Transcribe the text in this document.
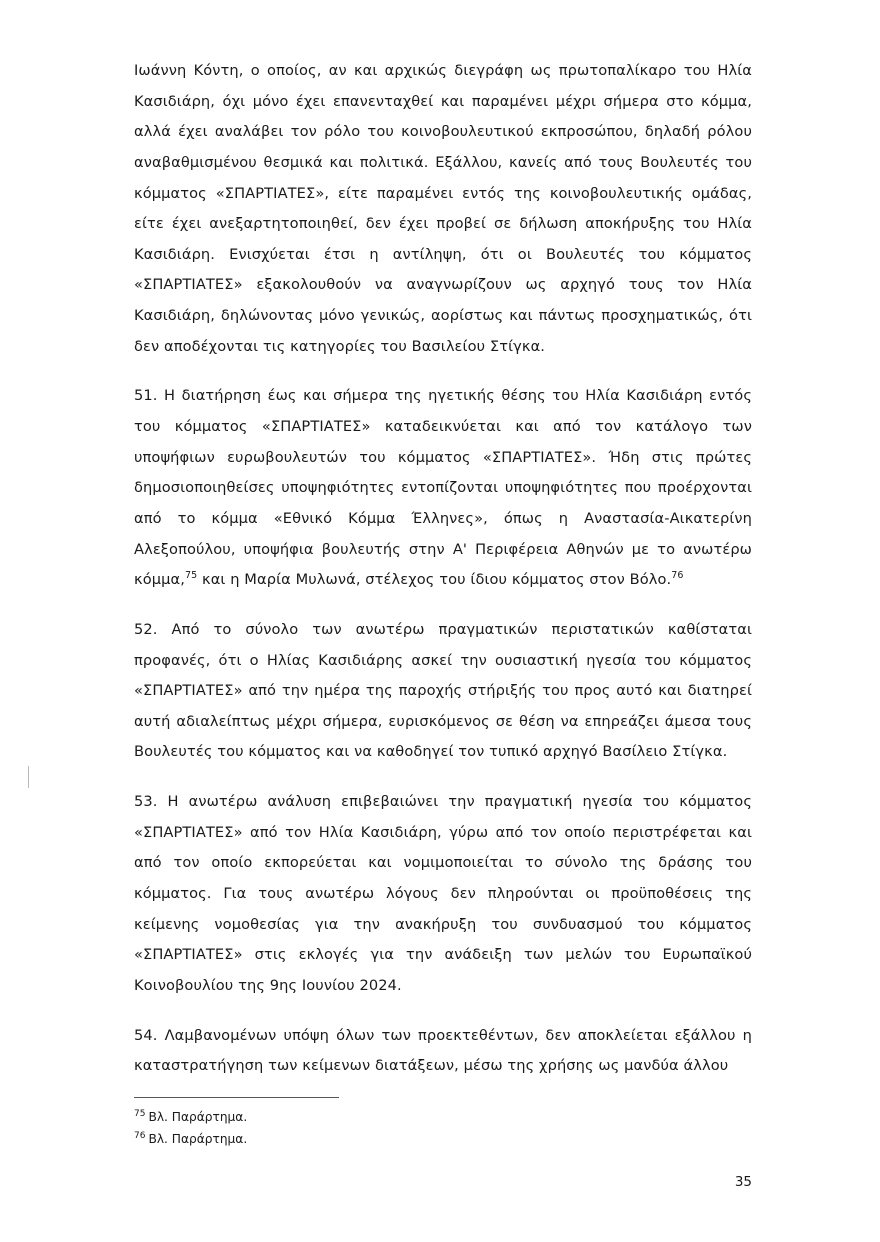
Ιωάννη Κόντη, ο οποίος, αν και αρχικώς διεγράφη ως πρωτοπαλίκαρο του Ηλία Κασιδιάρη, όχι μόνο έχει επανενταχθεί και παραμένει μέχρι σήμερα στο κόμμα, αλλά έχει αναλάβει τον ρόλο του κοινοβουλευτικού εκπροσώπου, δηλαδή ρόλου αναβαθμισμένου θεσμικά και πολιτικά. Εξάλλου, κανείς από τους Βουλευτές του κόμματος «ΣΠΑΡΤΙΑΤΕΣ», είτε παραμένει εντός της κοινοβουλευτικής ομάδας, είτε έχει ανεξαρτητοποιηθεί, δεν έχει προβεί σε δήλωση αποκήρυξης του Ηλία Κασιδιάρη. Ενισχύεται έτσι η αντίληψη, ότι οι Βουλευτές του κόμματος «ΣΠΑΡΤΙΑΤΕΣ» εξακολουθούν να αναγνωρίζουν ως αρχηγό τους τον Ηλία Κασιδιάρη, δηλώνοντας μόνο γενικώς, αορίστως και πάντως προσχηματικώς, ότι δεν αποδέχονται τις κατηγορίες του Βασιλείου Στίγκα.

51. Η διατήρηση έως και σήμερα της ηγετικής θέσης του Ηλία Κασιδιάρη εντός του κόμματος «ΣΠΑΡΤΙΑΤΕΣ» καταδεικνύεται και από τον κατάλογο των υποψήφιων ευρωβουλευτών του κόμματος «ΣΠΑΡΤΙΑΤΕΣ». Ήδη στις πρώτες δημοσιοποιηθείσες υποψηφιότητες εντοπίζονται υποψηφιότητες που προέρχονται από το κόμμα «Εθνικό Κόμμα Έλληνες», όπως η Αναστασία-Αικατερίνη Αλεξοπούλου, υποψήφια βουλευτής στην Α' Περιφέρεια Αθηνών με το ανωτέρω κόμμα,$^{75}$ και η Μαρία Μυλωνά, στέλεχος του ίδιου κόμματος στον Βόλο.$^{76}$

52. Από το σύνολο των ανωτέρω πραγματικών περιστατικών καθίσταται προφανές, ότι ο Ηλίας Κασιδιάρης ασκεί την ουσιαστική ηγεσία του κόμματος «ΣΠΑΡΤΙΑΤΕΣ» από την ημέρα της παροχής στήριξής του προς αυτό και διατηρεί αυτή αδιαλείπτως μέχρι σήμερα, ευρισκόμενος σε θέση να επηρεάζει άμεσα τους Βουλευτές του κόμματος και να καθοδηγεί τον τυπικό αρχηγό Βασίλειο Στίγκα.

53. Η ανωτέρω ανάλυση επιβεβαιώνει την πραγματική ηγεσία του κόμματος «ΣΠΑΡΤΙΑΤΕΣ» από τον Ηλία Κασιδιάρη, γύρω από τον οποίο περιστρέφεται και από τον οποίο εκπορεύεται και νομιμοποιείται το σύνολο της δράσης του κόμματος. Για τους ανωτέρω λόγους δεν πληρούνται οι προϋποθέσεις της κείμενης νομοθεσίας για την ανακήρυξη του συνδυασμού του κόμματος «ΣΠΑΡΤΙΑΤΕΣ» στις εκλογές για την ανάδειξη των μελών του Ευρωπαϊκού Κοινοβουλίου της 9ης Ιουνίου 2024.

54. Λαμβανομένων υπόψη όλων των προεκτεθέντων, δεν αποκλείεται εξάλλου η καταστρατήγηση των κείμενων διατάξεων, μέσω της χρήσης ως μανδύα άλλου

$^{75}$ Βλ. Παράρτημα.

$^{76}$ Βλ. Παράρτημα.

35
